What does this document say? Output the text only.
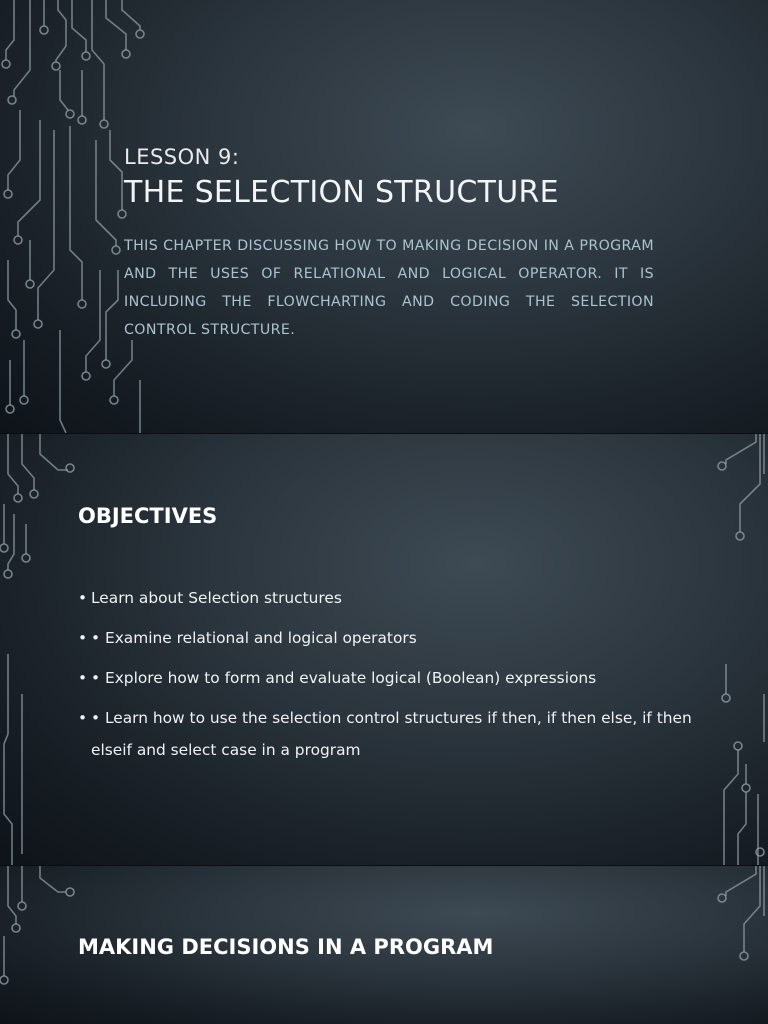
LESSON 9:
THE SELECTION STRUCTURE

THIS CHAPTER DISCUSSING HOW TO MAKING DECISION IN A PROGRAM AND THE USES OF RELATIONAL AND LOGICAL OPERATOR. IT IS INCLUDING THE FLOWCHARTING AND CODING THE SELECTION CONTROL STRUCTURE.

OBJECTIVES
• Learn about Selection structures
• • Examine relational and logical operators
• • Explore how to form and evaluate logical (Boolean) expressions
• • Learn how to use the selection control structures if then, if then else, if then elseif and select case in a program
MAKING DECISIONS IN A PROGRAM
